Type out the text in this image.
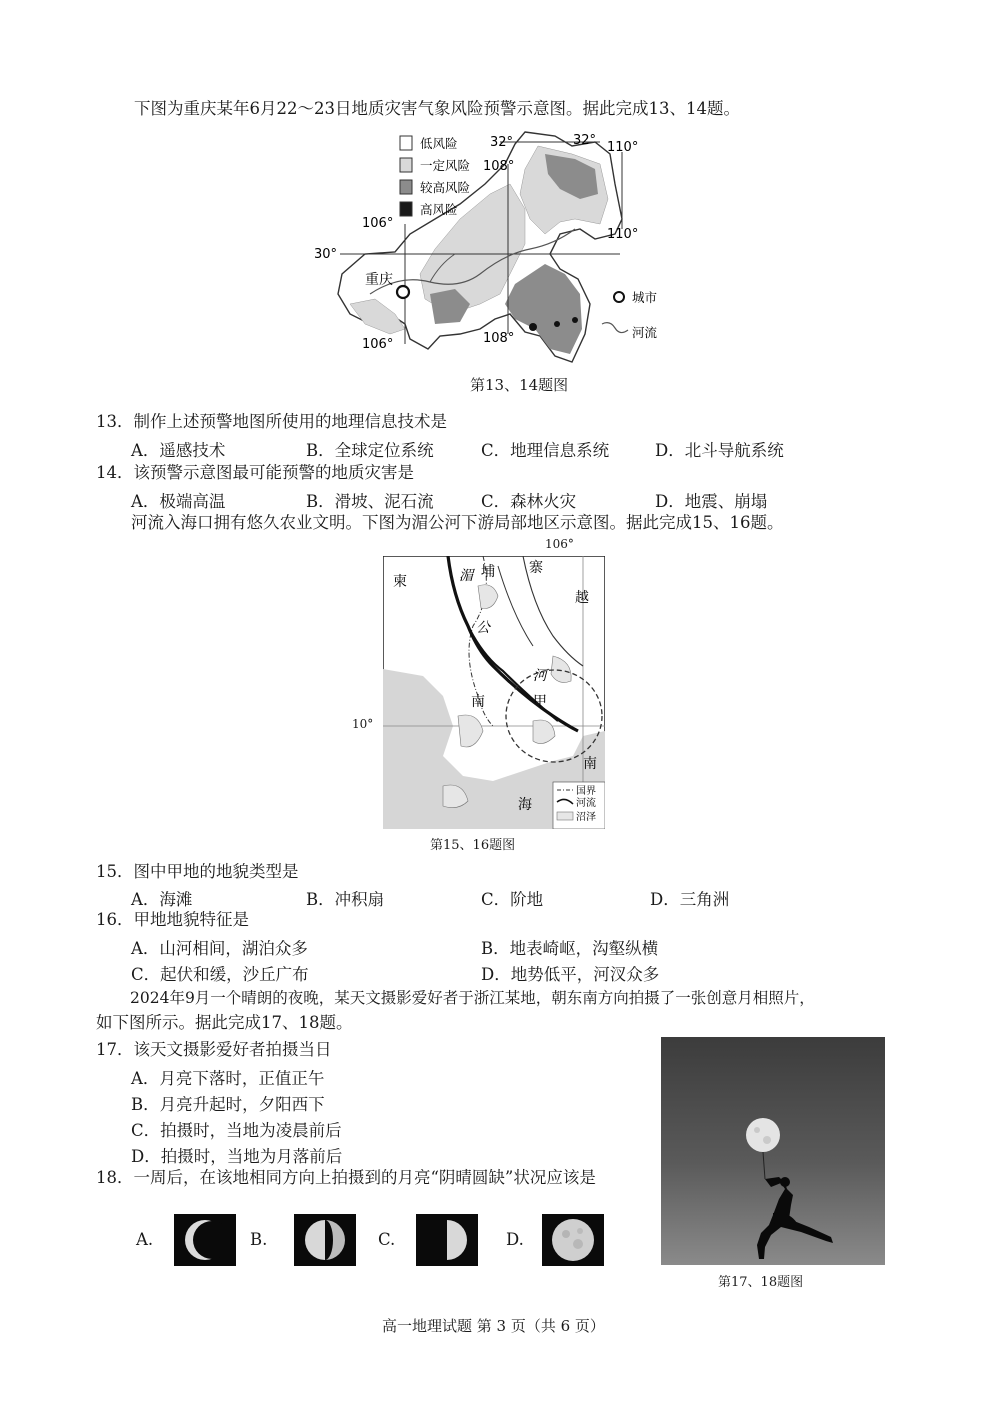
下图为重庆某年6月22～23日地质灾害气象风险预警示意图。据此完成13、14题。
低风险
一定风险
较高风险
高风险
32°	32°
108°
110°
110°
106°
30°
106°	108°
重庆
城市
河流
第13、14题图
13．制作上述预警地图所使用的地理信息技术是
A．遥感技术	B．全球定位系统	C．地理信息系统	D．北斗导航系统
14．该预警示意图最可能预警的地质灾害是
A．极端高温	B．滑坡、泥石流	C．森林火灾	D．地震、崩塌
河流入海口拥有悠久农业文明。下图为湄公河下游局部地区示意图。据此完成15、16题。
106°
10°
国界
河流
沼泽
柬
埔 寨
越
湄
公
河
南	甲
南
海
第15、16题图
15．图中甲地的地貌类型是
A．海滩	B．冲积扇	C．阶地	D．三角洲
16．甲地地貌特征是
A．山河相间，湖泊众多	B．地表崎岖，沟壑纵横
C．起伏和缓，沙丘广布	D．地势低平，河汊众多
2024年9月一个晴朗的夜晚，某天文摄影爱好者于浙江某地，朝东南方向拍摄了一张创意月相照片，
如下图所示。据此完成17、18题。
17．该天文摄影爱好者拍摄当日
A．月亮下落时，正值正午
B．月亮升起时，夕阳西下
C．拍摄时，当地为凌晨前后
D．拍摄时，当地为月落前后
18．一周后，在该地相同方向上拍摄到的月亮“阴晴圆缺”状况应该是
A.	B.	C.	D.
第17、18题图
高一地理试题 第 3 页（共 6 页）
